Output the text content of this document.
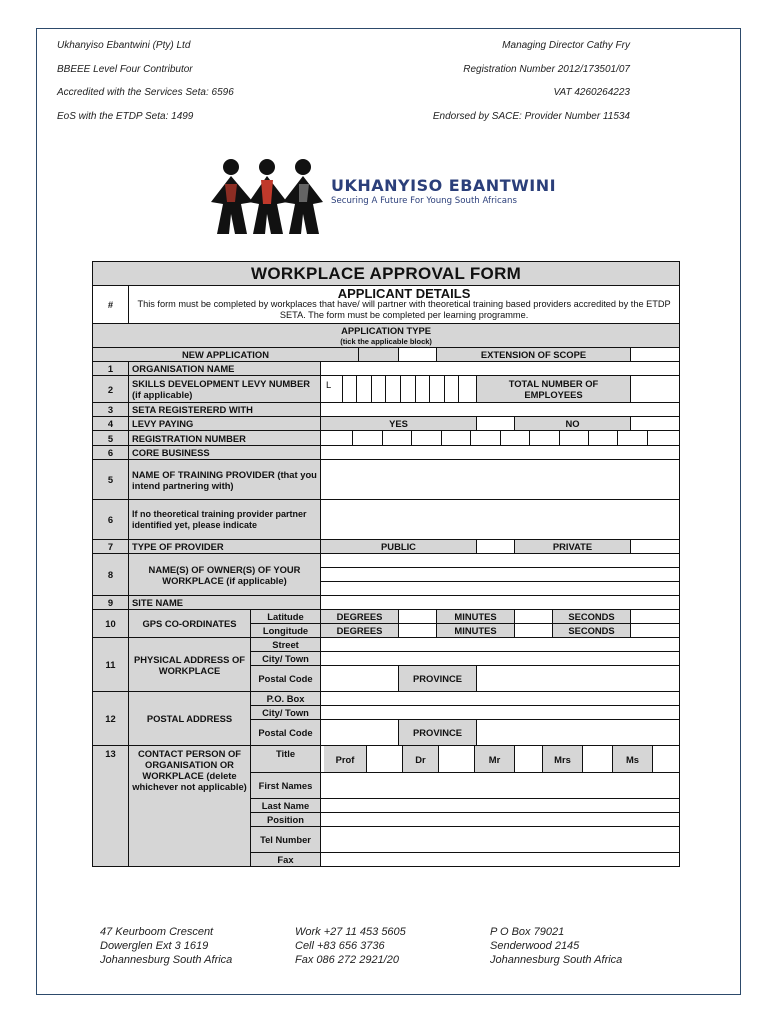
Ukhanyiso Ebantwini (Pty) Ltd
BBEEE Level Four Contributor
Accredited with the Services Seta: 6596
EoS with the ETDP Seta: 1499
Managing Director Cathy Fry
Registration Number 2012/173501/07
VAT 4260264223
Endorsed by SACE: Provider Number 11534
UKHANYISO EBANTWINI
Securing A Future For Young South Africans
WORKPLACE APPROVAL FORM										
#	APPLICANT DETAILS
This form must be completed by workplaces that have/ will partner with theoretical training based providers accredited by the ETDP SETA. The form must be completed per learning programme.									

APPLICATION TYPE
(tick the applicable block)										

NEW APPLICATION						EXTENSION OF SCOPE				
1	ORGANISATION NAME									
2	SKILLS DEVELOPMENT LEVY NUMBER (if applicable)		L				TOTAL NUMBER OF EMPLOYEES			
3	SETA REGISTERERD WITH									
4	LEVY PAYING		YES					NO		
5	REGISTRATION NUMBER									

6	CORE BUSINESS									
5	NAME OF TRAINING PROVIDER (that you intend partnering with)									
6	If no theoretical training provider partner identified yet, please indicate									
7	TYPE OF PROVIDER		PUBLIC					PRIVATE		
8	NAME(S) OF OWNER(S) OF YOUR WORKPLACE (if applicable)									

9	SITE NAME									
10	GPS CO-ORDINATES	Latitude	DEGREES			MINUTES			SECONDS	
		Longitude	DEGREES			MINUTES			SECONDS	
11	PHYSICAL ADDRESS OF WORKPLACE	Street								
		City/ Town								
		Postal Code			PROVINCE					
12	POSTAL ADDRESS	P.O. Box								
		City/ Town								
		Postal Code			PROVINCE					
13	CONTACT PERSON OF ORGANISATION OR WORKPLACE (delete whichever not applicable)	Title	Prof Dr Mr Mrs Ms							

		First Names								
		Last Name								
		Position								
		Tel Number								
		Fax								
47 Keurboom Crescent
Dowerglen Ext 3 1619
Johannesburg South Africa
Work +27 11 453 5605
Cell +83 656 3736
Fax 086 272 2921/20
P O Box 79021
Senderwood 2145
Johannesburg South Africa
